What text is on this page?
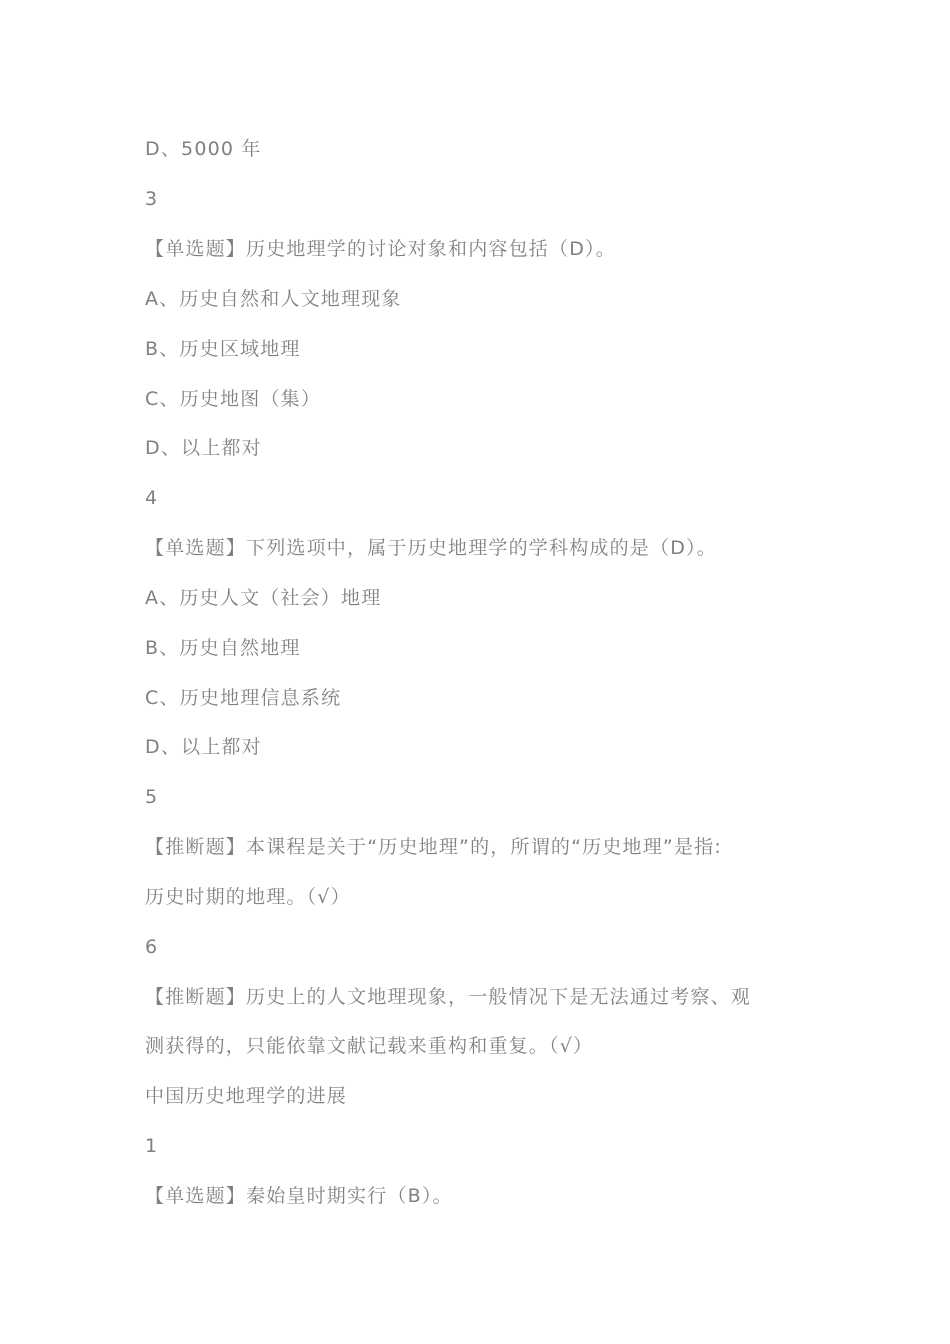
D、5000 年
3
【单选题】历史地理学的讨论对象和内容包括（D）。
A、历史自然和人文地理现象
B、历史区域地理
C、历史地图（集）
D、以上都对
4
【单选题】下列选项中，属于历史地理学的学科构成的是（D）。
A、历史人文（社会）地理
B、历史自然地理
C、历史地理信息系统
D、以上都对
5
【推断题】本课程是关于“历史地理”的，所谓的“历史地理”是指:
历史时期的地理。（√）
6
【推断题】历史上的人文地理现象，一般情况下是无法通过考察、观
测获得的，只能依靠文献记载来重构和重复。（√）
中国历史地理学的进展
1
【单选题】秦始皇时期实行（B）。
